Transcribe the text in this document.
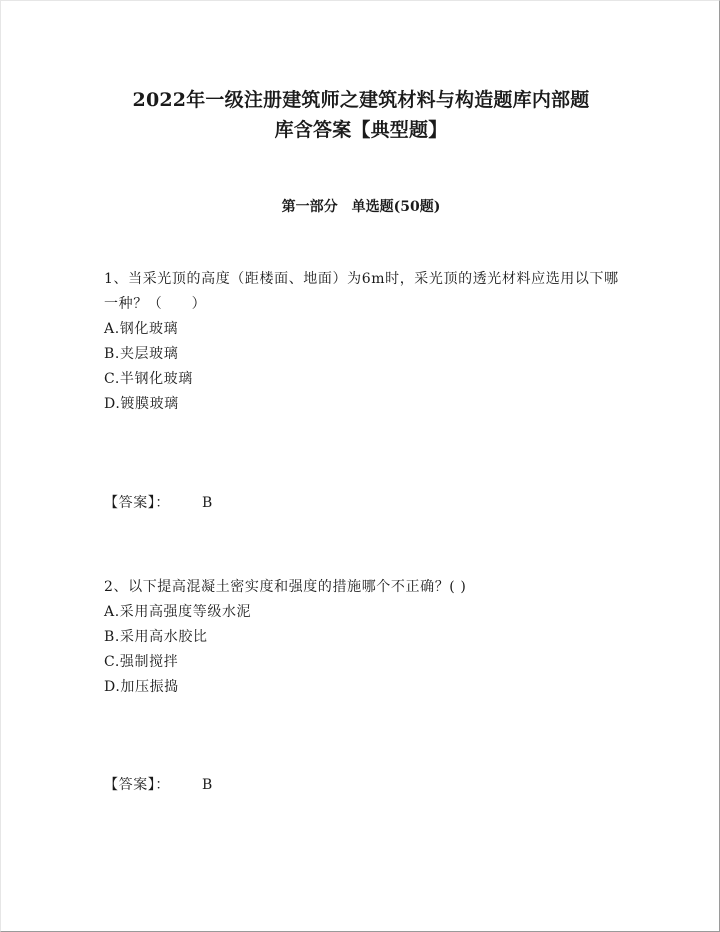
2022年一级注册建筑师之建筑材料与构造题库内部题
库含答案【典型题】
第一部分　单选题(50题)

1、当采光顶的高度（距楼面、地面）为6m时，采光顶的透光材料应选用以下哪一种？（　　）

A.钢化玻璃

B.夹层玻璃

C.半钢化玻璃

D.镀膜玻璃

【答案】： B

2、以下提高混凝土密实度和强度的措施哪个不正确？( )

A.采用高强度等级水泥

B.采用高水胶比

C.强制搅拌

D.加压振捣

【答案】： B
